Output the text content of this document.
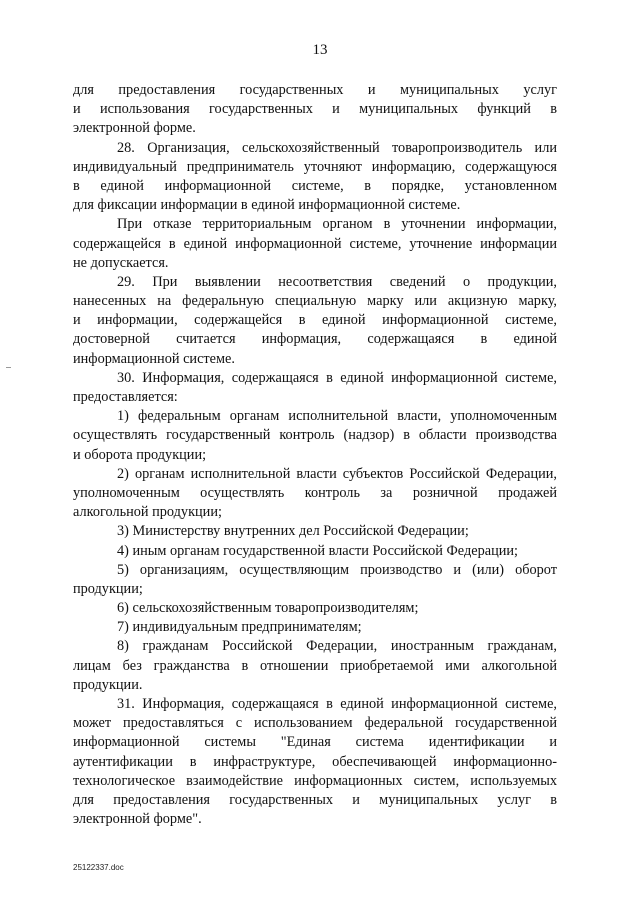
13
для предоставления государственных и муниципальных услуг
и использования государственных и муниципальных функций в
электронной форме.
28. Организация, сельскохозяйственный товаропроизводитель или
индивидуальный предприниматель уточняют информацию, содержащуюся
в единой информационной системе, в порядке, установленном
для фиксации информации в единой информационной системе.
При отказе территориальным органом в уточнении информации,
содержащейся в единой информационной системе, уточнение информации
не допускается.
29. При выявлении несоответствия сведений о продукции,
нанесенных на федеральную специальную марку или акцизную марку,
и информации, содержащейся в единой информационной системе,
достоверной считается информация, содержащаяся в единой
информационной системе.
30. Информация, содержащаяся в единой информационной системе,
предоставляется:
1) федеральным органам исполнительной власти, уполномоченным
осуществлять государственный контроль (надзор) в области производства
и оборота продукции;
2) органам исполнительной власти субъектов Российской Федерации,
уполномоченным осуществлять контроль за розничной продажей
алкогольной продукции;
3) Министерству внутренних дел Российской Федерации;
4) иным органам государственной власти Российской Федерации;
5) организациям, осуществляющим производство и (или) оборот
продукции;
6) сельскохозяйственным товаропроизводителям;
7) индивидуальным предпринимателям;
8) гражданам Российской Федерации, иностранным гражданам,
лицам без гражданства в отношении приобретаемой ими алкогольной
продукции.
31. Информация, содержащаяся в единой информационной системе,
может предоставляться с использованием федеральной государственной
информационной системы "Единая система идентификации и
аутентификации в инфраструктуре, обеспечивающей информационно-
технологическое взаимодействие информационных систем, используемых
для предоставления государственных и муниципальных услуг в
электронной форме".
25122337.doc
